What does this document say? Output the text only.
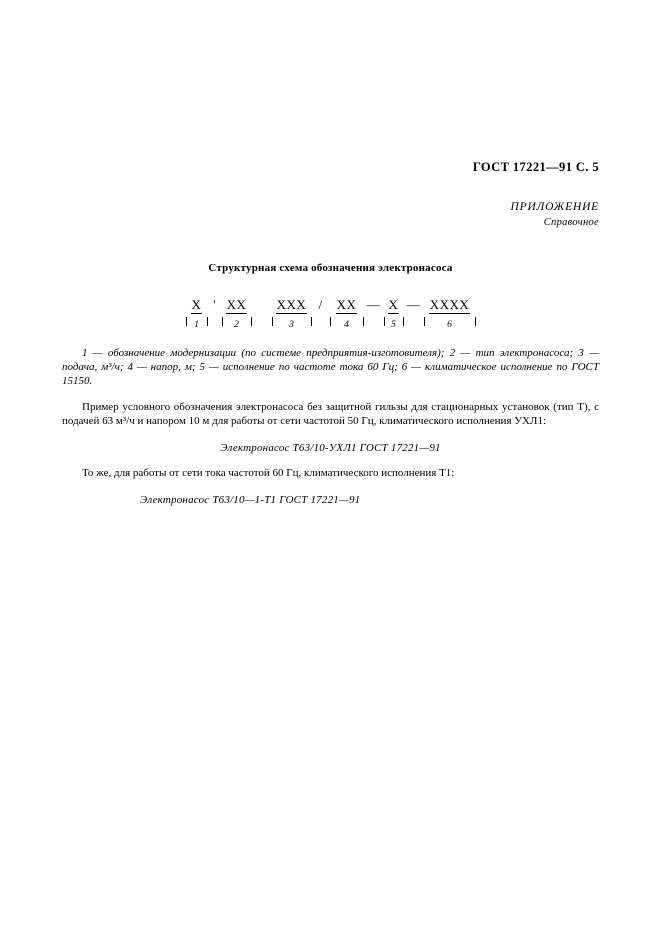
ГОСТ 17221—91 С. 5
ПРИЛОЖЕНИЕ
Справочное
Структурная схема обозначения электронасоса
X ' XX XXX / XX — X — XXXX
1	2	3	4	5	6

1 — обозначение модернизации (по системе предприятия-изготовителя); 2 — тип электронасоса; 3 — подача, м³/ч; 4 — напор, м; 5 — исполнение по частоте тока 60 Гц; 6 — климатическое исполнение по ГОСТ 15150.

Пример условного обозначения электронасоса без защитной гильзы для стационарных установок (тип Т), с подачей 63 м³/ч и напором 10 м для работы от сети частотой 50 Гц, климатического исполнения УХЛ1:

Электронасос Т63/10-УХЛ1 ГОСТ 17221—91

То же, для работы от сети тока частотой 60 Гц, климатического исполнения Т1:

Электронасос Т63/10—1-Т1 ГОСТ 17221—91
